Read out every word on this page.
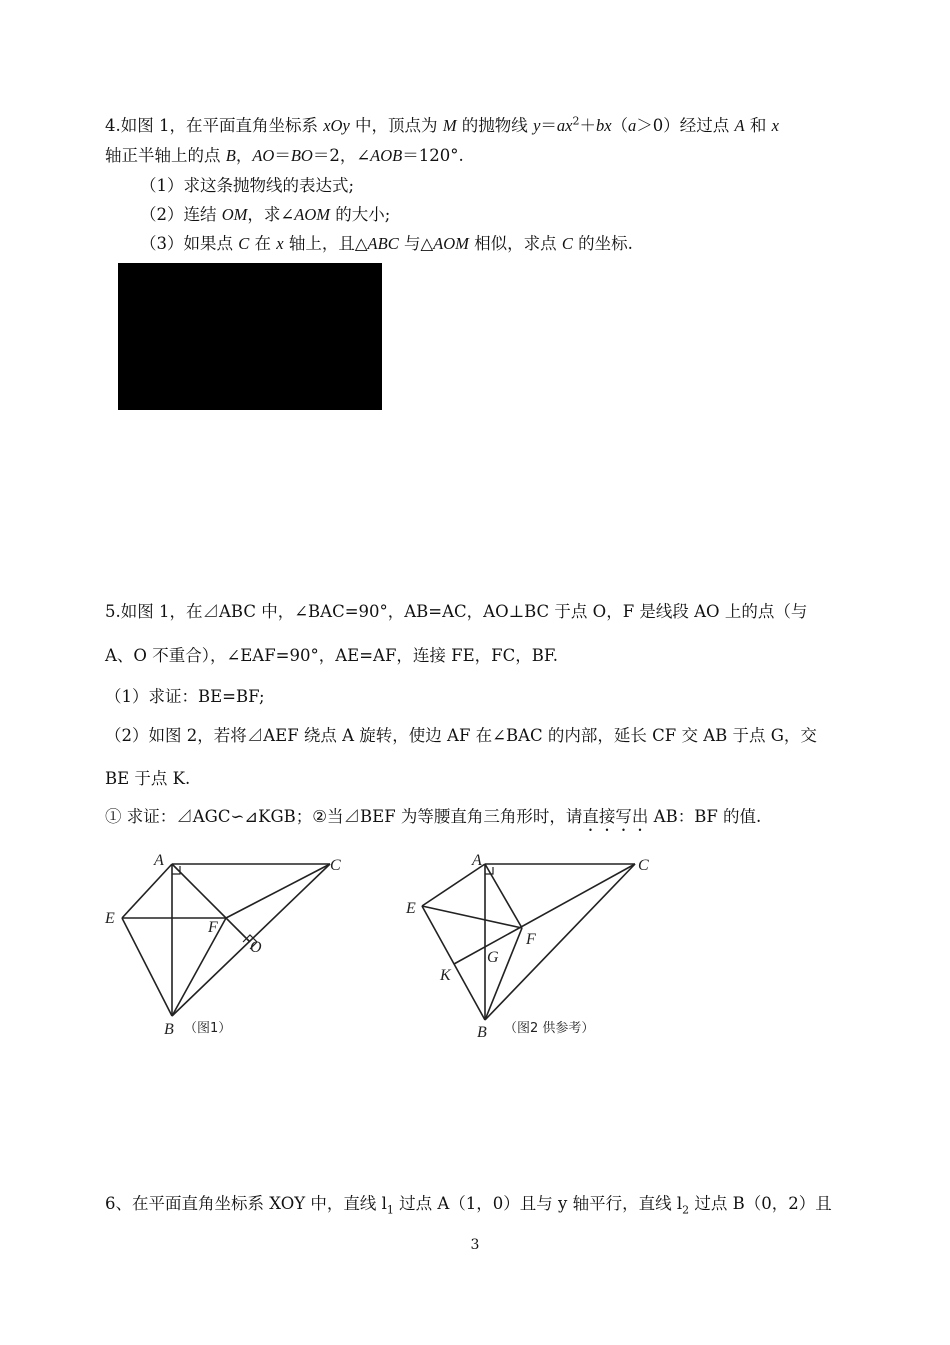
4.如图 1，在平面直角坐标系 xOy 中，顶点为 M 的抛物线 $y=ax^2+bx(a>0)$经过点 A 和 x
轴正半轴上的点 B，AO＝BO＝2，∠AOB＝120°.
（1）求这条抛物线的表达式;
（2）连结 OM，求∠AOM 的大小;
（3）如果点 C 在 x 轴上，且△ABC 与△AOM 相似，求点 C 的坐标.
5.如图 1，在⊿ABC 中，∠BAC=90°，AB=AC，AO⊥BC 于点 O，F 是线段 AO 上的点（与
A、O 不重合），∠EAF=90°，AE=AF，连接 FE，FC，BF.
（1）求证：BE=BF;
（2）如图 2，若将⊿AEF 绕点 A 旋转，使边 AF 在∠BAC 的内部，延长 CF 交 AB 于点 G，交
BE 于点 K.
① 求证：⊿AGC∽⊿KGB；②当⊿BEF 为等腰直角三角形时，请直接写出 AB：BF 的值.
A	C
E
F
O
B （图1）
A	C
E
F
G
K
B （图2 供参考）
6、在平面直角坐标系 XOY 中，直线 $l_1$ 过点 A（1，0）且与 y 轴平行，直线 $l_2$ 过点 B（0，2）且
3
